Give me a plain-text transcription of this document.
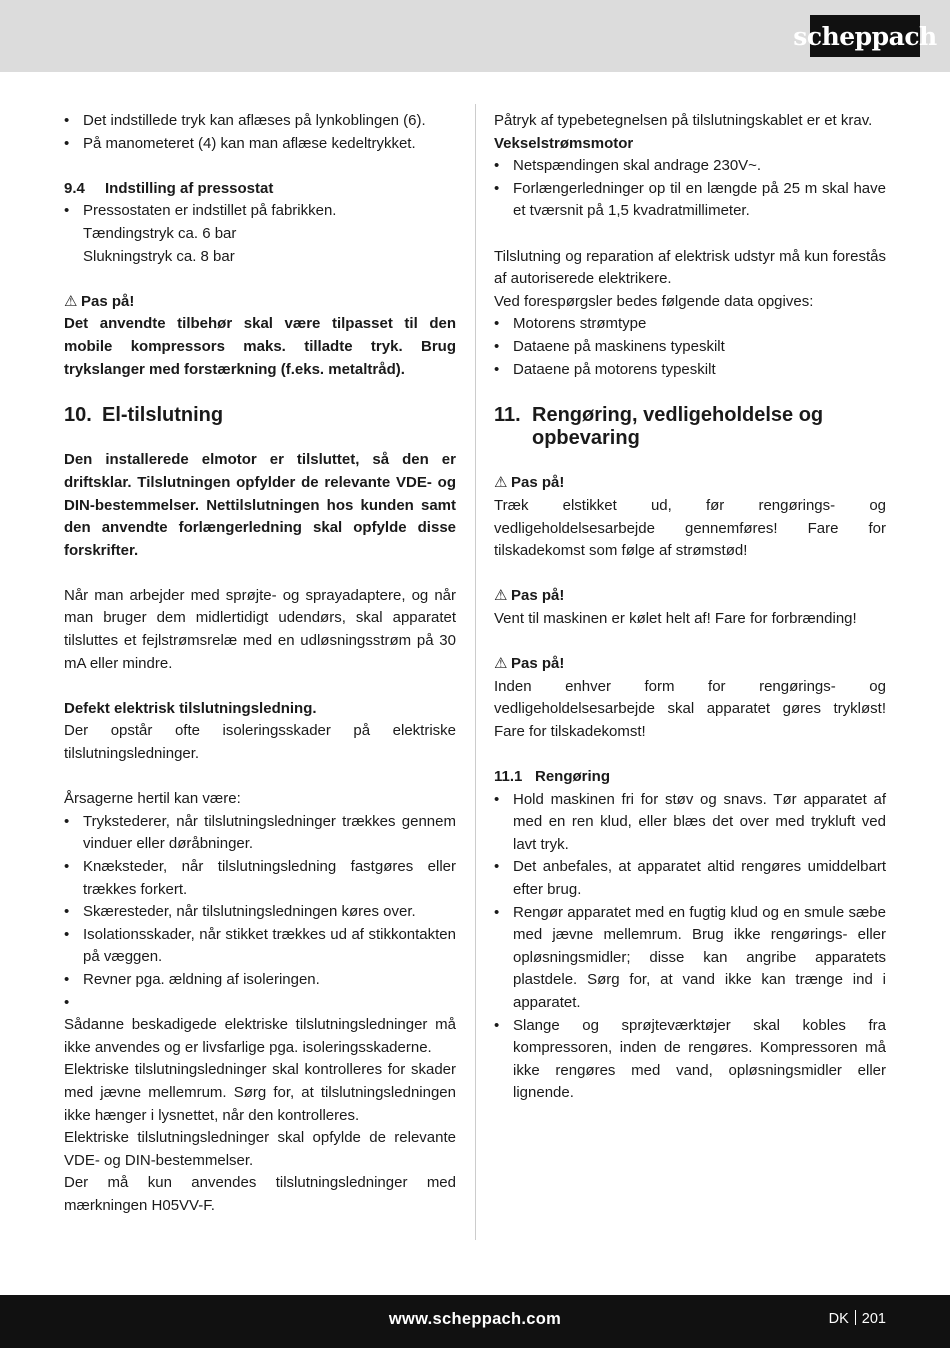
scheppach
• Det indstillede tryk kan aflæses på lynkoblingen (6).
• På manometeret (4) kan man aflæse kedeltrykket.
9.4	Indstilling af pressostat
• Pressostaten er indstillet på fabrikken.

Tændingstryk ca. 6 bar

Slukningstryk ca. 8 bar

⚠ Pas på!

Det anvendte tilbehør skal være tilpasset til den mobile kompressors maks. tilladte tryk. Brug trykslanger med forstærkning (f.eks. metaltråd).

10. El-tilslutning

Den installerede elmotor er tilsluttet, så den er driftsklar. Tilslutningen opfylder de relevante VDE- og DIN-bestemmelser. Nettilslutningen hos kunden samt den anvendte forlængerledning skal opfylde disse forskrifter.

Når man arbejder med sprøjte- og sprayadaptere, og når man bruger dem midlertidigt udendørs, skal apparatet tilsluttes et fejlstrømsrelæ med en udløsningsstrøm på 30 mA eller mindre.

Defekt elektrisk tilslutningsledning.

Der opstår ofte isoleringsskader på elektriske tilslutningsledninger.

Årsagerne hertil kan være:

• Trykstederer, når tilslutningsledninger trækkes gennem vinduer eller døråbninger.
• Knæksteder, når tilslutningsledning fastgøres eller trækkes forkert.
• Skæresteder, når tilslutningsledningen køres over.
• Isolationsskader, når stikket trækkes ud af stikkontakten på væggen.
• Revner pga. ældning af isoleringen.
•

Sådanne beskadigede elektriske tilslutningsledninger må ikke anvendes og er livsfarlige pga. isoleringsskaderne.

Elektriske tilslutningsledninger skal kontrolleres for skader med jævne mellemrum. Sørg for, at tilslutningsledningen ikke hænger i lysnettet, når den kontrolleres.

Elektriske tilslutningsledninger skal opfylde de relevante VDE- og DIN-bestemmelser.

Der må kun anvendes tilslutningsledninger med mærkningen H05VV-F.

Påtryk af typebetegnelsen på tilslutningskablet er et krav.

Vekselstrømsmotor

• Netspændingen skal andrage 230V~.
• Forlængerledninger op til en længde på 25 m skal have et tværsnit på 1,5 kvadratmillimeter.

Tilslutning og reparation af elektrisk udstyr må kun forestås af autoriserede elektrikere.

Ved forespørgsler bedes følgende data opgives:

• Motorens strømtype
• Dataene på maskinens typeskilt
• Dataene på motorens typeskilt
11. Rengøring, vedligeholdelse og opbevaring

⚠ Pas på!

Træk elstikket ud, før rengørings- og vedligeholdelsesarbejde gennemføres! Fare for tilskadekomst som følge af strømstød!

⚠ Pas på!

Vent til maskinen er kølet helt af! Fare for forbrænding!

⚠ Pas på!

Inden enhver form for rengørings- og vedligeholdelsesarbejde skal apparatet gøres trykløst! Fare for tilskadekomst!

11.1 Rengøring
• Hold maskinen fri for støv og snavs. Tør apparatet af med en ren klud, eller blæs det over med trykluft ved lavt tryk.
• Det anbefales, at apparatet altid rengøres umiddelbart efter brug.
• Rengør apparatet med en fugtig klud og en smule sæbe med jævne mellemrum. Brug ikke rengørings- eller opløsningsmidler; disse kan angribe apparatets plastdele. Sørg for, at vand ikke kan trænge ind i apparatet.
• Slange og sprøjteværktøjer skal kobles fra kompressoren, inden de rengøres. Kompressoren må ikke rengøres med vand, opløsningsmidler eller lignende.
www.scheppach.com	DK 201
